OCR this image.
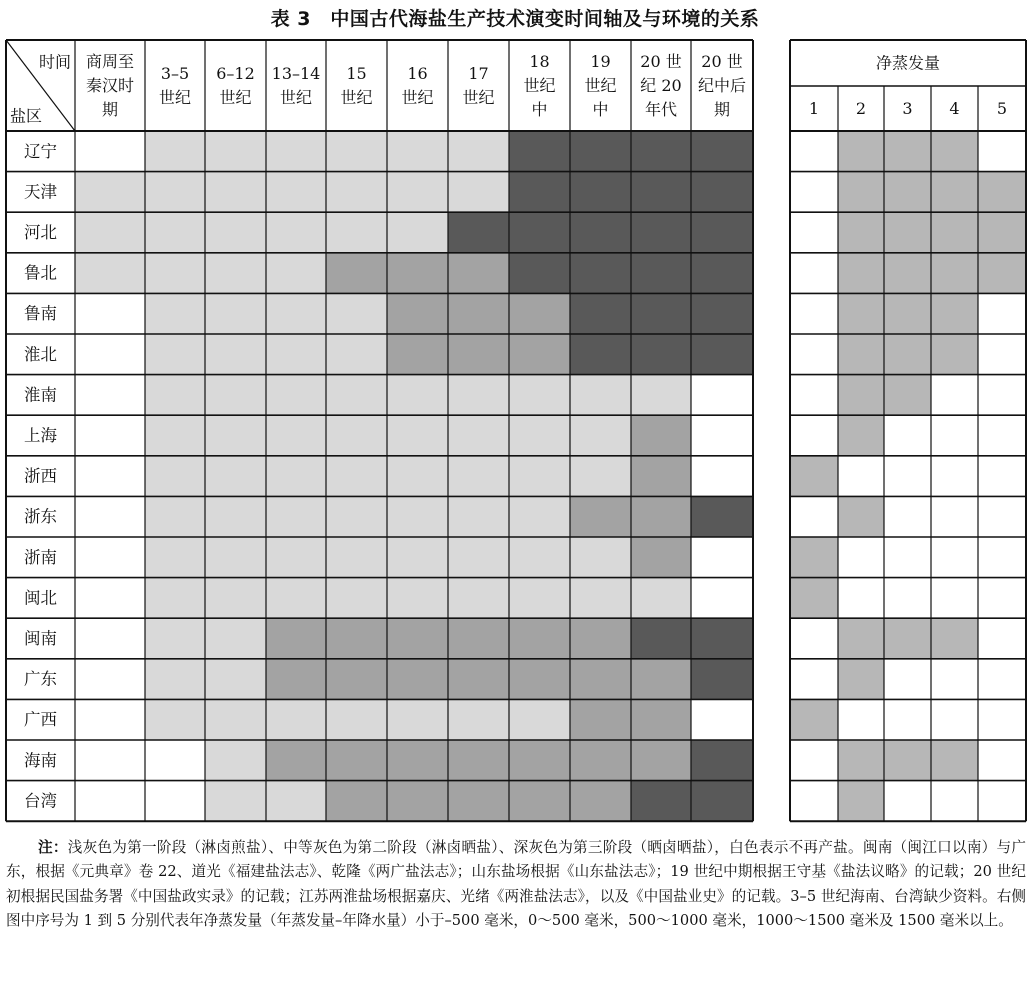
表 3　中国古代海盐生产技术演变时间轴及与环境的关系
辽宁
天津
河北
鲁北
鲁南
淮北
淮南
上海
浙西
浙东
浙南
闽北
闽南
广东
广西
海南
台湾
时间
盐区
商周至
秦汉时
期
3–5
世纪
6–12
世纪
13–14
世纪
15
世纪
16
世纪
17
世纪
18
世纪
中
19
世纪
中
20 世
纪 20
年代
20 世
纪中后
期
净蒸发量
1 2 3 4 5
注：浅灰色为第一阶段（淋卤煎盐）、中等灰色为第二阶段（淋卤晒盐）、深灰色为第三阶段（晒卤晒盐），白色表示不再产盐。闽南（闽江口以南）与广东，根据《元典章》卷 22、道光《福建盐法志》、乾隆《两广盐法志》；山东盐场根据《山东盐法志》；19 世纪中期根据王守基《盐法议略》的记载；20 世纪初根据民国盐务署《中国盐政实录》的记载；江苏两淮盐场根据嘉庆、光绪《两淮盐法志》，以及《中国盐业史》的记载。3–5 世纪海南、台湾缺少资料。右侧图中序号为 1 到 5 分别代表年净蒸发量（年蒸发量–年降水量）小于–500 毫米，0～500 毫米，500～1000 毫米，1000～1500 毫米及 1500 毫米以上。
